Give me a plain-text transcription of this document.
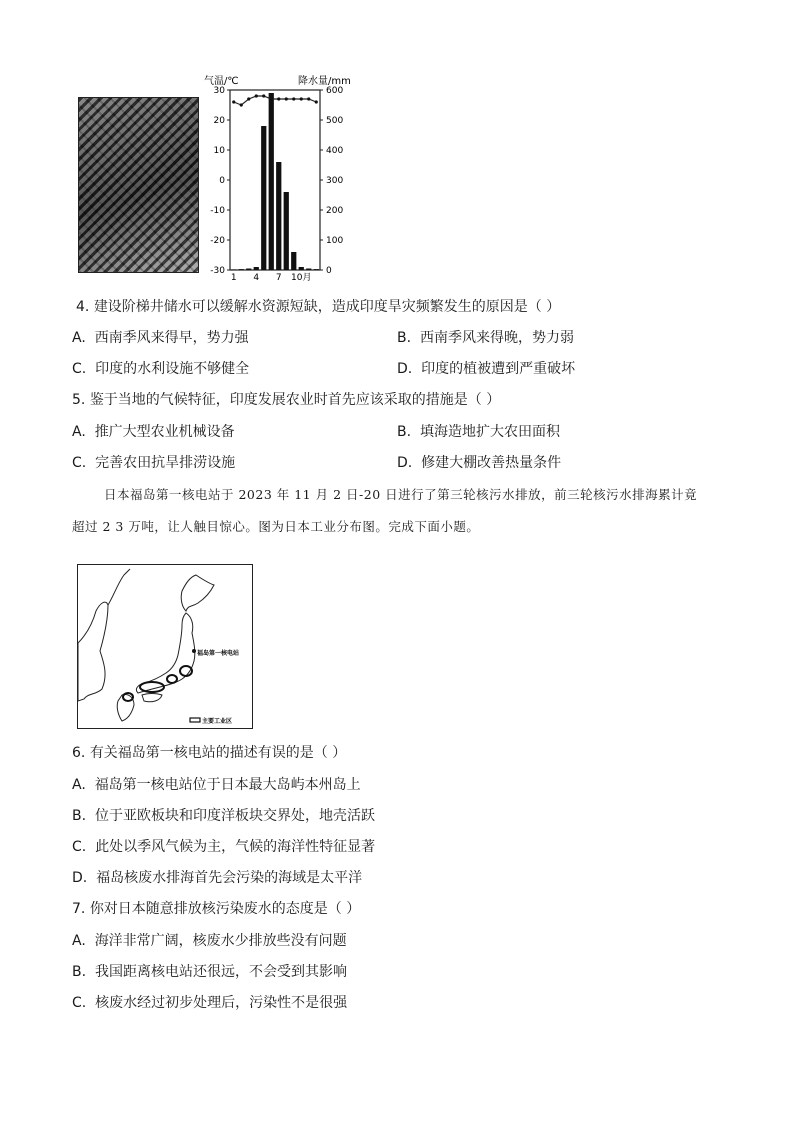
气温/℃	降水量/mm
30
20
10
0
-10
-20
-30
600
500
400
300
200
100
0
1 4 7 10月
4. 建设阶梯井储水可以缓解水资源短缺，造成印度旱灾频繁发生的原因是（ ）
A. 西南季风来得早，势力强	B. 西南季风来得晚，势力弱
C. 印度的水利设施不够健全	D. 印度的植被遭到严重破坏
5. 鉴于当地的气候特征，印度发展农业时首先应该采取的措施是（ ）
A. 推广大型农业机械设备	B. 填海造地扩大农田面积
C. 完善农田抗旱排涝设施	D. 修建大棚改善热量条件
日本福岛第一核电站于 2023 年 11 月 2 日-20 日进行了第三轮核污水排放，前三轮核污水排海累计竟
超过 2 3 万吨，让人触目惊心。图为日本工业分布图。完成下面小题。
福岛第一核电站
主要工业区
6. 有关福岛第一核电站的描述有误的是（ ）
A. 福岛第一核电站位于日本最大岛屿本州岛上
B. 位于亚欧板块和印度洋板块交界处，地壳活跃
C. 此处以季风气候为主，气候的海洋性特征显著
D. 福岛核废水排海首先会污染的海域是太平洋
7. 你对日本随意排放核污染废水的态度是（ ）
A. 海洋非常广阔，核废水少排放些没有问题
B. 我国距离核电站还很远，不会受到其影响
C. 核废水经过初步处理后，污染性不是很强
